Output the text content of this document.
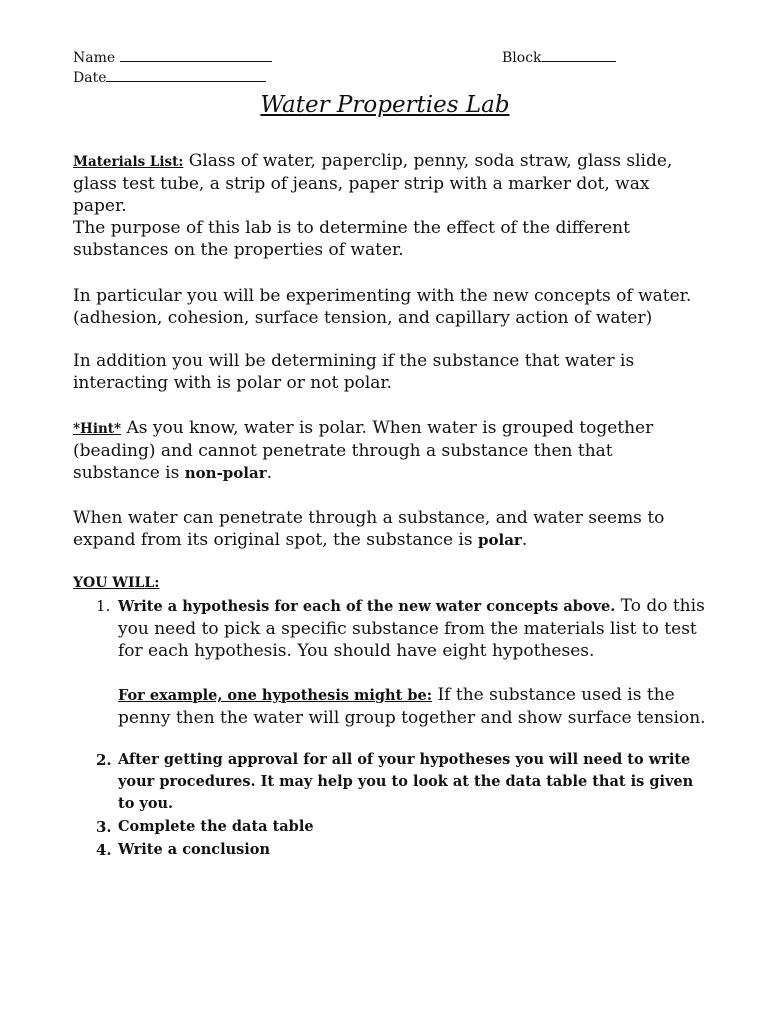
Name	Block
Date
Water Properties Lab
Materials List: Glass of water, paperclip, penny, soda straw, glass slide, glass test tube, a strip of jeans, paper strip with a marker dot, wax paper.
The purpose of this lab is to determine the effect of the different substances on the properties of water.
In particular you will be experimenting with the new concepts of water. (adhesion, cohesion, surface tension, and capillary action of water)
In addition you will be determining if the substance that water is interacting with is polar or not polar.
*Hint* As you know, water is polar. When water is grouped together (beading) and cannot penetrate through a substance then that substance is non-polar.
When water can penetrate through a substance, and water seems to expand from its original spot, the substance is polar.
YOU WILL:
1. Write a hypothesis for each of the new water concepts above. To do this you need to pick a specific substance from the materials list to test for each hypothesis. You should have eight hypotheses.
For example, one hypothesis might be: If the substance used is the penny then the water will group together and show surface tension.
2. After getting approval for all of your hypotheses you will need to write your procedures. It may help you to look at the data table that is given to you.
3. Complete the data table
4. Write a conclusion
